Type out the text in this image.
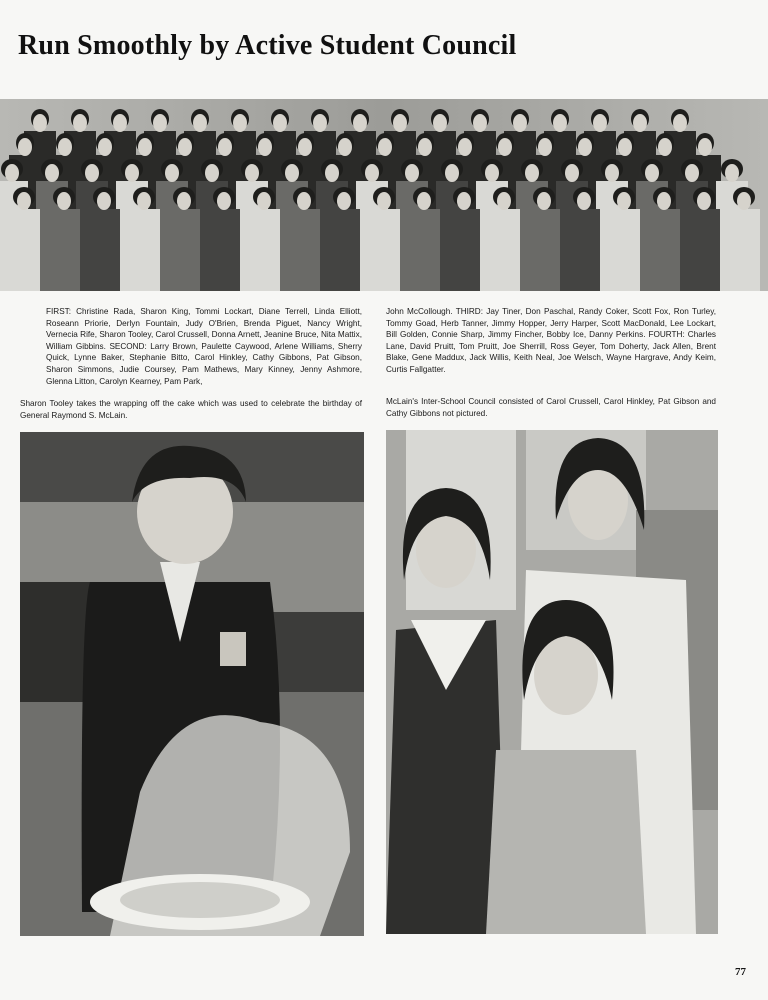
Run Smoothly by Active Student Council

FIRST: Christine Rada, Sharon King, Tommi Lockart, Diane Terrell, Linda Elliott, Roseann Priorie, Derlyn Fountain, Judy O'Brien, Brenda Piguet, Nancy Wright, Vernecia Rife, Sharon Tooley, Carol Crussell, Donna Arnett, Jeanine Bruce, Nita Mattix, William Gibbins. SECOND: Larry Brown, Paulette Caywood, Arlene Williams, Sherry Quick, Lynne Baker, Stephanie Bitto, Carol Hinkley, Cathy Gibbons, Pat Gibson, Sharon Simmons, Judie Coursey, Pam Mathews, Mary Kinney, Jenny Ashmore, Glenna Litton, Carolyn Kearney, Pam Park,

John McCollough. THIRD: Jay Tiner, Don Paschal, Randy Coker, Scott Fox, Ron Turley, Tommy Goad, Herb Tanner, Jimmy Hopper, Jerry Harper, Scott MacDonald, Lee Lockart, Bill Golden, Connie Sharp, Jimmy Fincher, Bobby Ice, Danny Perkins. FOURTH: Charles Lane, David Pruitt, Tom Pruitt, Joe Sherrill, Ross Geyer, Tom Doherty, Jack Allen, Brent Blake, Gene Maddux, Jack Willis, Keith Neal, Joe Welsch, Wayne Hargrave, Andy Keim, Curtis Fallgatter.

Sharon Tooley takes the wrapping off the cake which was used to celebrate the birthday of General Raymond S. McLain.

McLain's Inter-School Council consisted of Carol Crussell, Carol Hinkley, Pat Gibson and Cathy Gibbons not pictured.

77
